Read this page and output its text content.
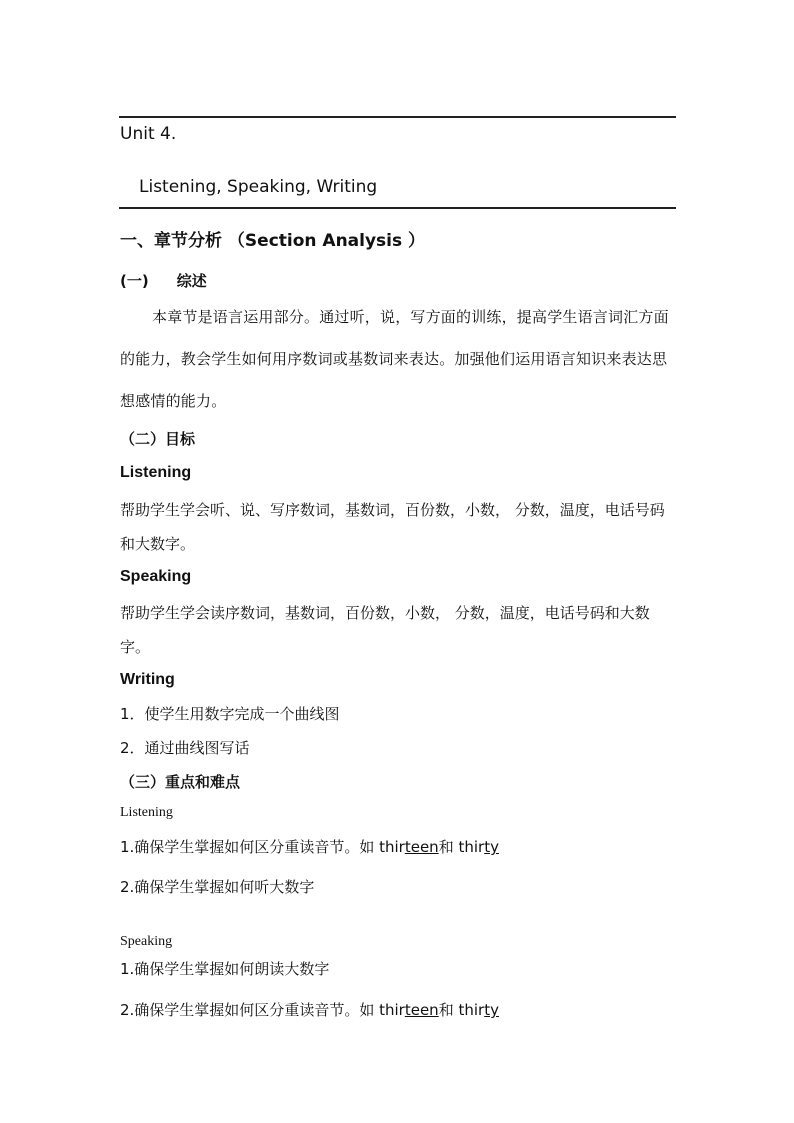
Unit 4.
Listening, Speaking, Writing
一、章节分析 （Section Analysis ）
(一) 综述
本章节是语言运用部分。通过听，说，写方面的训练，提高学生语言词汇方面的能力，教会学生如何用序数词或基数词来表达。加强他们运用语言知识来表达思想感情的能力。
（二）目标
Listening
帮助学生学会听、说、写序数词，基数词，百份数，小数， 分数，温度，电话号码和大数字。
Speaking
帮助学生学会读序数词，基数词，百份数，小数， 分数，温度，电话号码和大数字。
Writing
1．使学生用数字完成一个曲线图
2．通过曲线图写话
（三）重点和难点
Listening
1.确保学生掌握如何区分重读音节。如 thirteen和 thirty
2.确保学生掌握如何听大数字
Speaking
1.确保学生掌握如何朗读大数字
2.确保学生掌握如何区分重读音节。如 thirteen和 thirty
